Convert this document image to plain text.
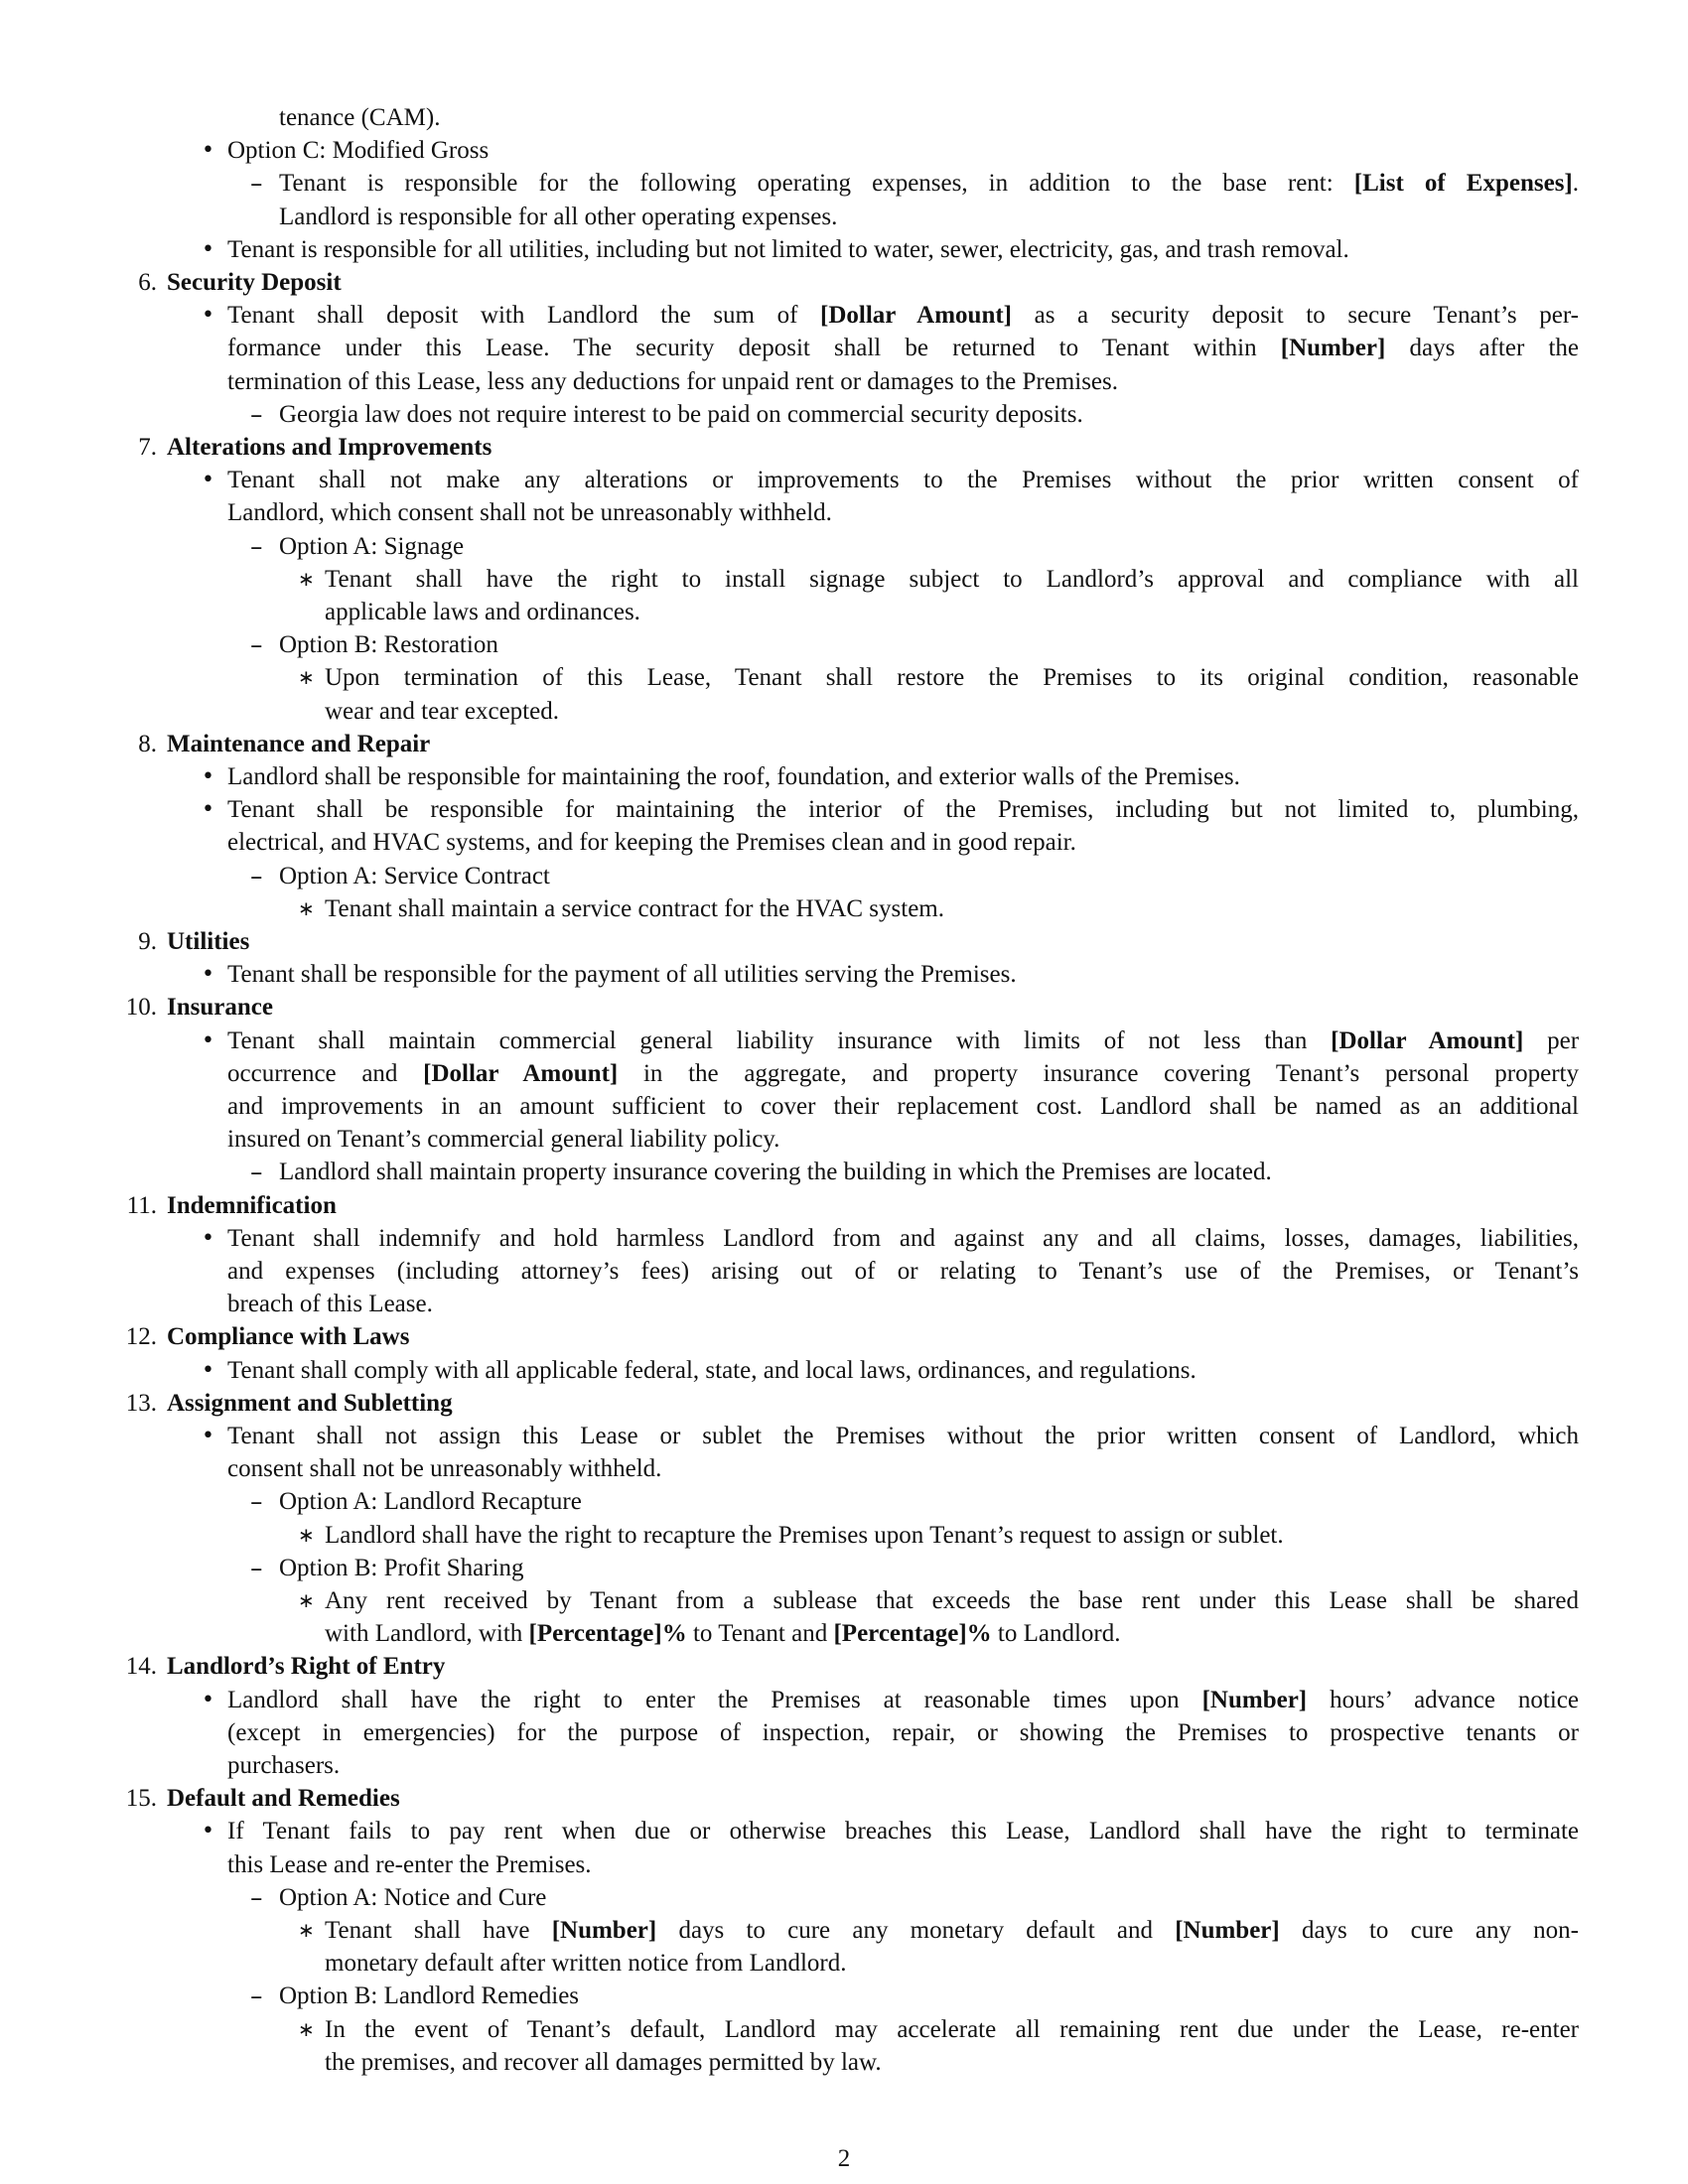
tenance (CAM).
• Option C: Modified Gross
– Tenant is responsible for the following operating expenses, in addition to the base rent: [List of Expenses].
Landlord is responsible for all other operating expenses.
• Tenant is responsible for all utilities, including but not limited to water, sewer, electricity, gas, and trash removal.
6. Security Deposit
• Tenant shall deposit with Landlord the sum of [Dollar Amount] as a security deposit to secure Tenant’s per-
formance under this Lease. The security deposit shall be returned to Tenant within [Number] days after the
termination of this Lease, less any deductions for unpaid rent or damages to the Premises.
– Georgia law does not require interest to be paid on commercial security deposits.
7. Alterations and Improvements
• Tenant shall not make any alterations or improvements to the Premises without the prior written consent of
Landlord, which consent shall not be unreasonably withheld.
– Option A: Signage
∗ Tenant shall have the right to install signage subject to Landlord’s approval and compliance with all
applicable laws and ordinances.
– Option B: Restoration
∗ Upon termination of this Lease, Tenant shall restore the Premises to its original condition, reasonable
wear and tear excepted.
8. Maintenance and Repair
• Landlord shall be responsible for maintaining the roof, foundation, and exterior walls of the Premises.
• Tenant shall be responsible for maintaining the interior of the Premises, including but not limited to, plumbing,
electrical, and HVAC systems, and for keeping the Premises clean and in good repair.
– Option A: Service Contract
∗ Tenant shall maintain a service contract for the HVAC system.
9. Utilities
• Tenant shall be responsible for the payment of all utilities serving the Premises.
10. Insurance
• Tenant shall maintain commercial general liability insurance with limits of not less than [Dollar Amount] per
occurrence and [Dollar Amount] in the aggregate, and property insurance covering Tenant’s personal property
and improvements in an amount sufficient to cover their replacement cost. Landlord shall be named as an additional
insured on Tenant’s commercial general liability policy.
– Landlord shall maintain property insurance covering the building in which the Premises are located.
11. Indemnification
• Tenant shall indemnify and hold harmless Landlord from and against any and all claims, losses, damages, liabilities,
and expenses (including attorney’s fees) arising out of or relating to Tenant’s use of the Premises, or Tenant’s
breach of this Lease.
12. Compliance with Laws
• Tenant shall comply with all applicable federal, state, and local laws, ordinances, and regulations.
13. Assignment and Subletting
• Tenant shall not assign this Lease or sublet the Premises without the prior written consent of Landlord, which
consent shall not be unreasonably withheld.
– Option A: Landlord Recapture
∗ Landlord shall have the right to recapture the Premises upon Tenant’s request to assign or sublet.
– Option B: Profit Sharing
∗ Any rent received by Tenant from a sublease that exceeds the base rent under this Lease shall be shared
with Landlord, with [Percentage]% to Tenant and [Percentage]% to Landlord.
14. Landlord’s Right of Entry
• Landlord shall have the right to enter the Premises at reasonable times upon [Number] hours’ advance notice
(except in emergencies) for the purpose of inspection, repair, or showing the Premises to prospective tenants or
purchasers.
15. Default and Remedies
• If Tenant fails to pay rent when due or otherwise breaches this Lease, Landlord shall have the right to terminate
this Lease and re-enter the Premises.
– Option A: Notice and Cure
∗ Tenant shall have [Number] days to cure any monetary default and [Number] days to cure any non-
monetary default after written notice from Landlord.
– Option B: Landlord Remedies
∗ In the event of Tenant’s default, Landlord may accelerate all remaining rent due under the Lease, re-enter
the premises, and recover all damages permitted by law.
2
